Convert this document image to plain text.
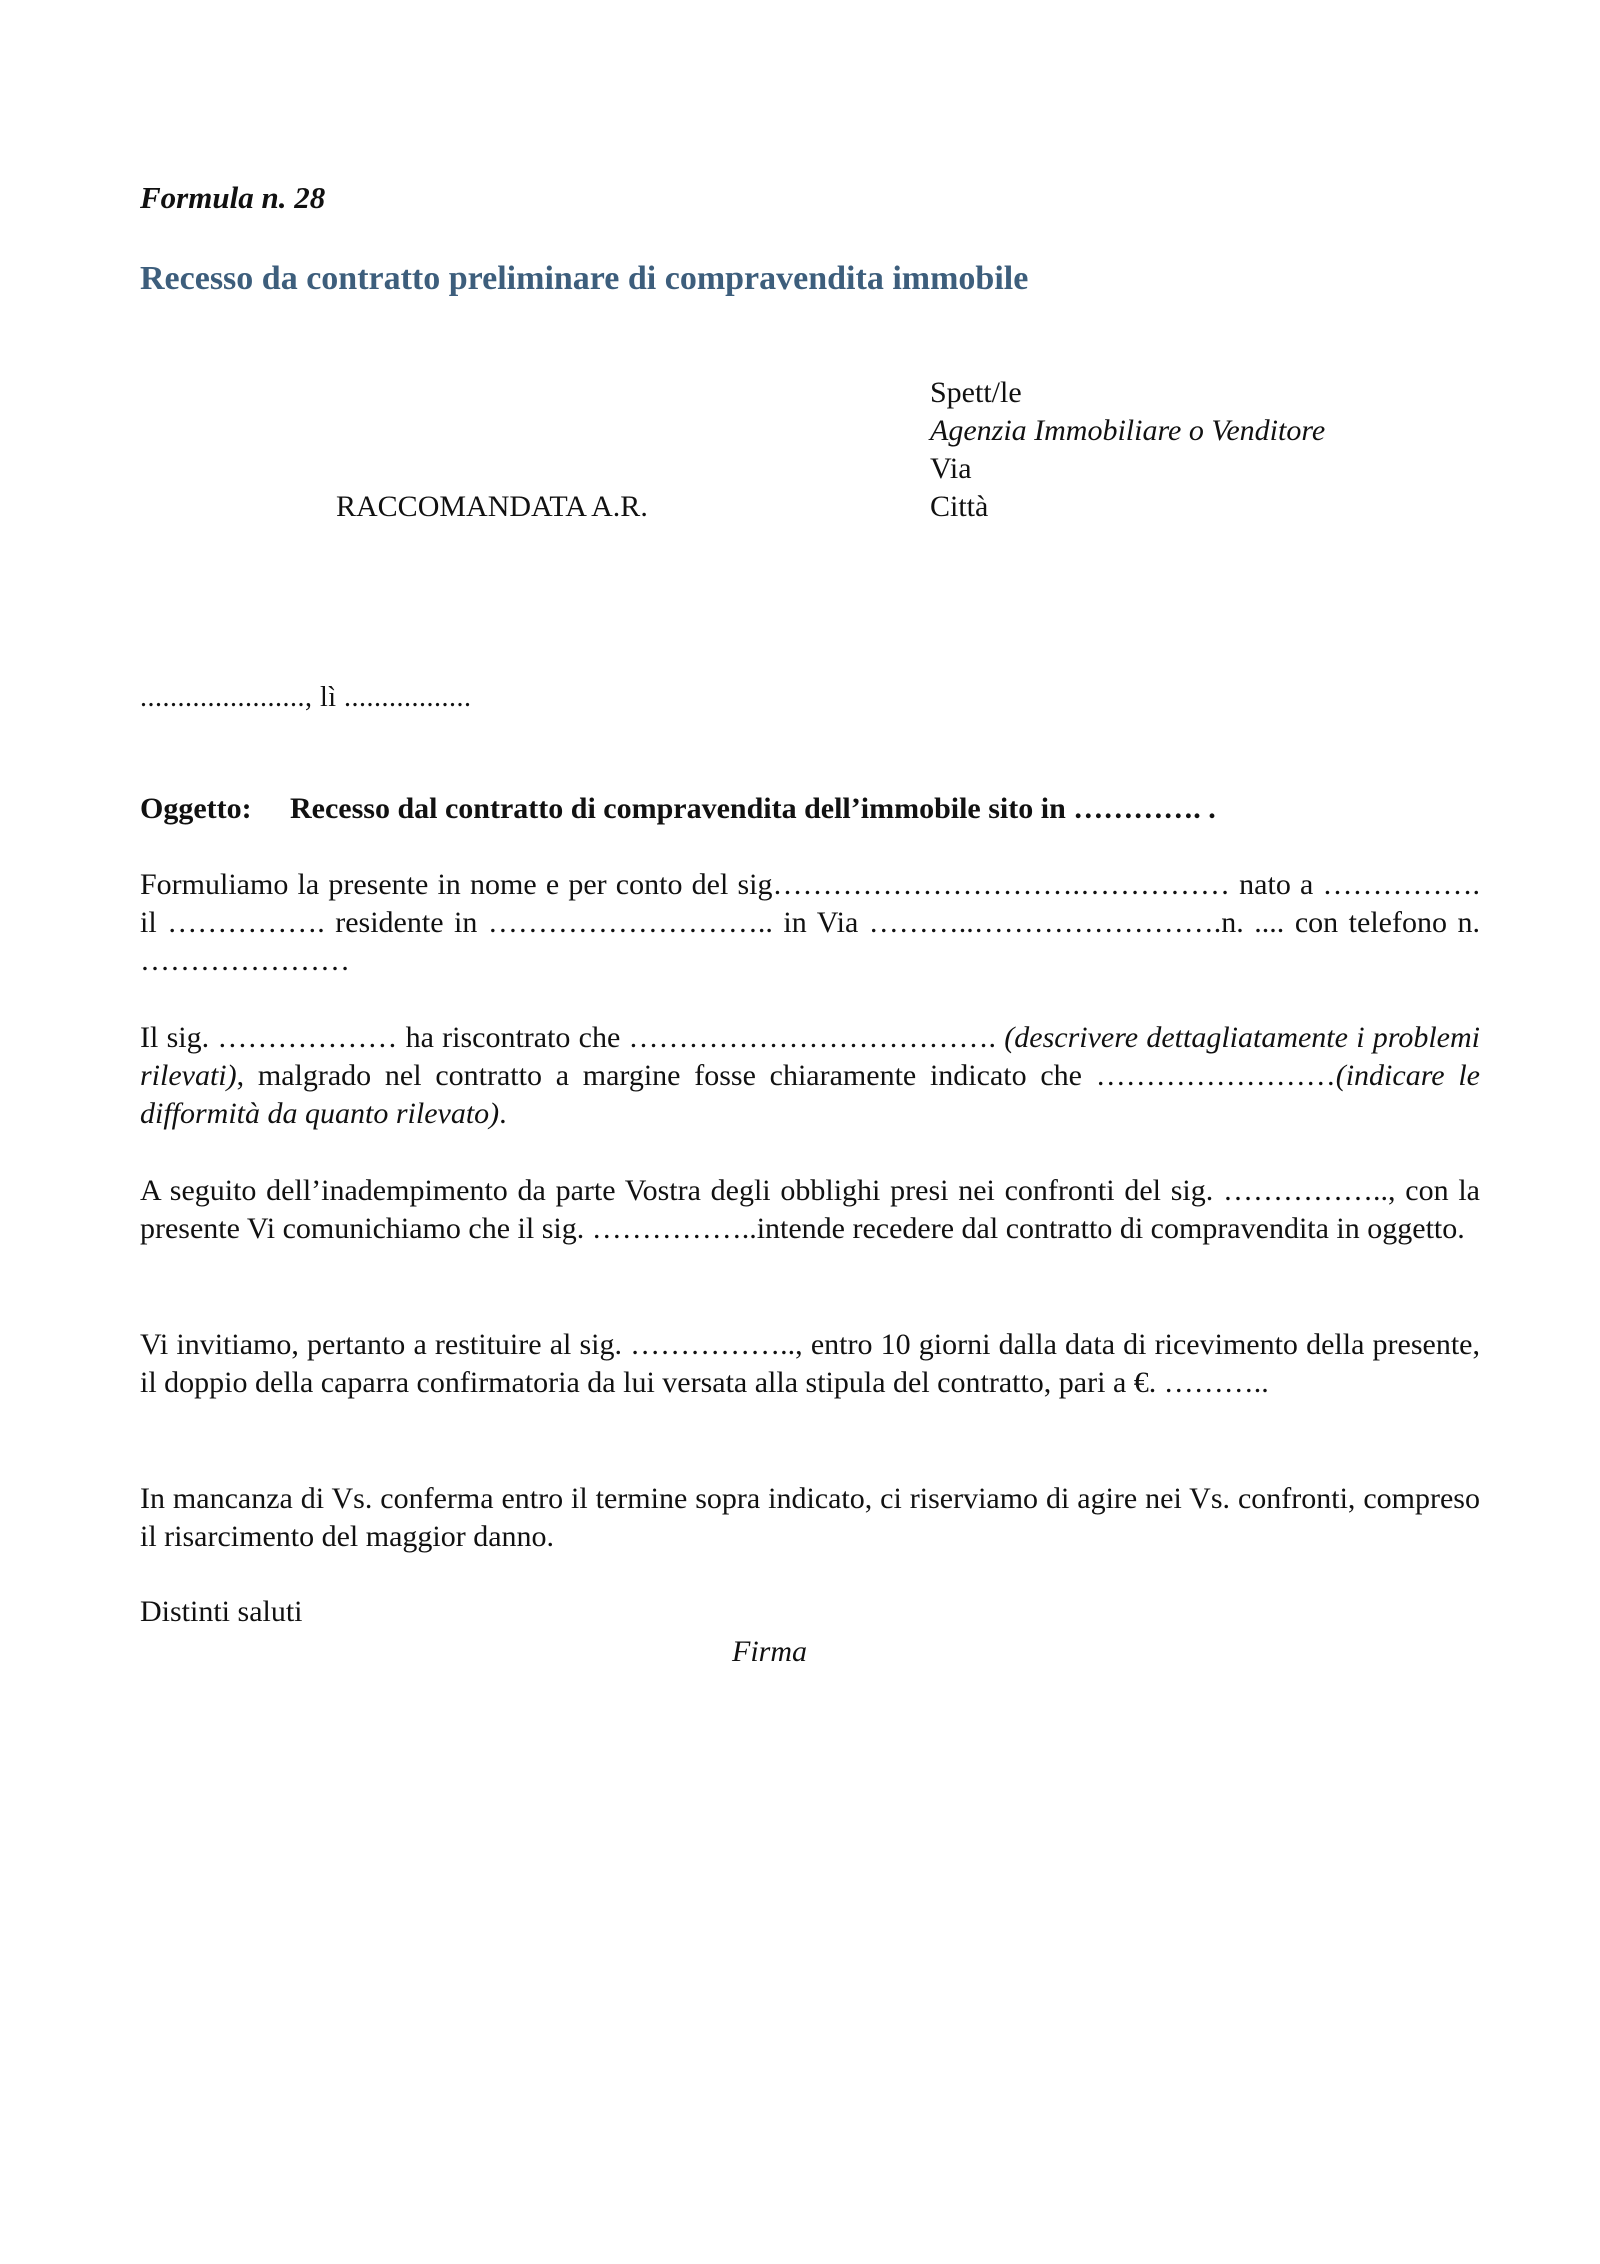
Formula n. 28
Recesso da contratto preliminare di compravendita immobile
Spett/le
Agenzia Immobiliare o Venditore
Via
Città
RACCOMANDATA A.R.
......................, lì .................
Oggetto: Recesso dal contratto di compravendita dell’immobile sito in …………. .
Formuliamo la presente in nome e per conto del sig………………………….…………… nato a ……………. il ……………. residente in ……………………….. in Via ………..…………………….n. .... con telefono n. …………………
Il sig. ……………… ha riscontrato che ………………………………. (descrivere dettagliatamente i problemi rilevati), malgrado nel contratto a margine fosse chiaramente indicato che ……………………(indicare le difformità da quanto rilevato).
A seguito dell’inadempimento da parte Vostra degli obblighi presi nei confronti del sig. …………….., con la presente Vi comunichiamo che il sig. ……………..intende recedere dal contratto di compravendita in oggetto.
Vi invitiamo, pertanto a restituire al sig. …………….., entro 10 giorni dalla data di ricevimento della presente, il doppio della caparra confirmatoria da lui versata alla stipula del contratto, pari a €. ………..
In mancanza di Vs. conferma entro il termine sopra indicato, ci riserviamo di agire nei Vs. confronti, compreso il risarcimento del maggior danno.
Distinti saluti
Firma
